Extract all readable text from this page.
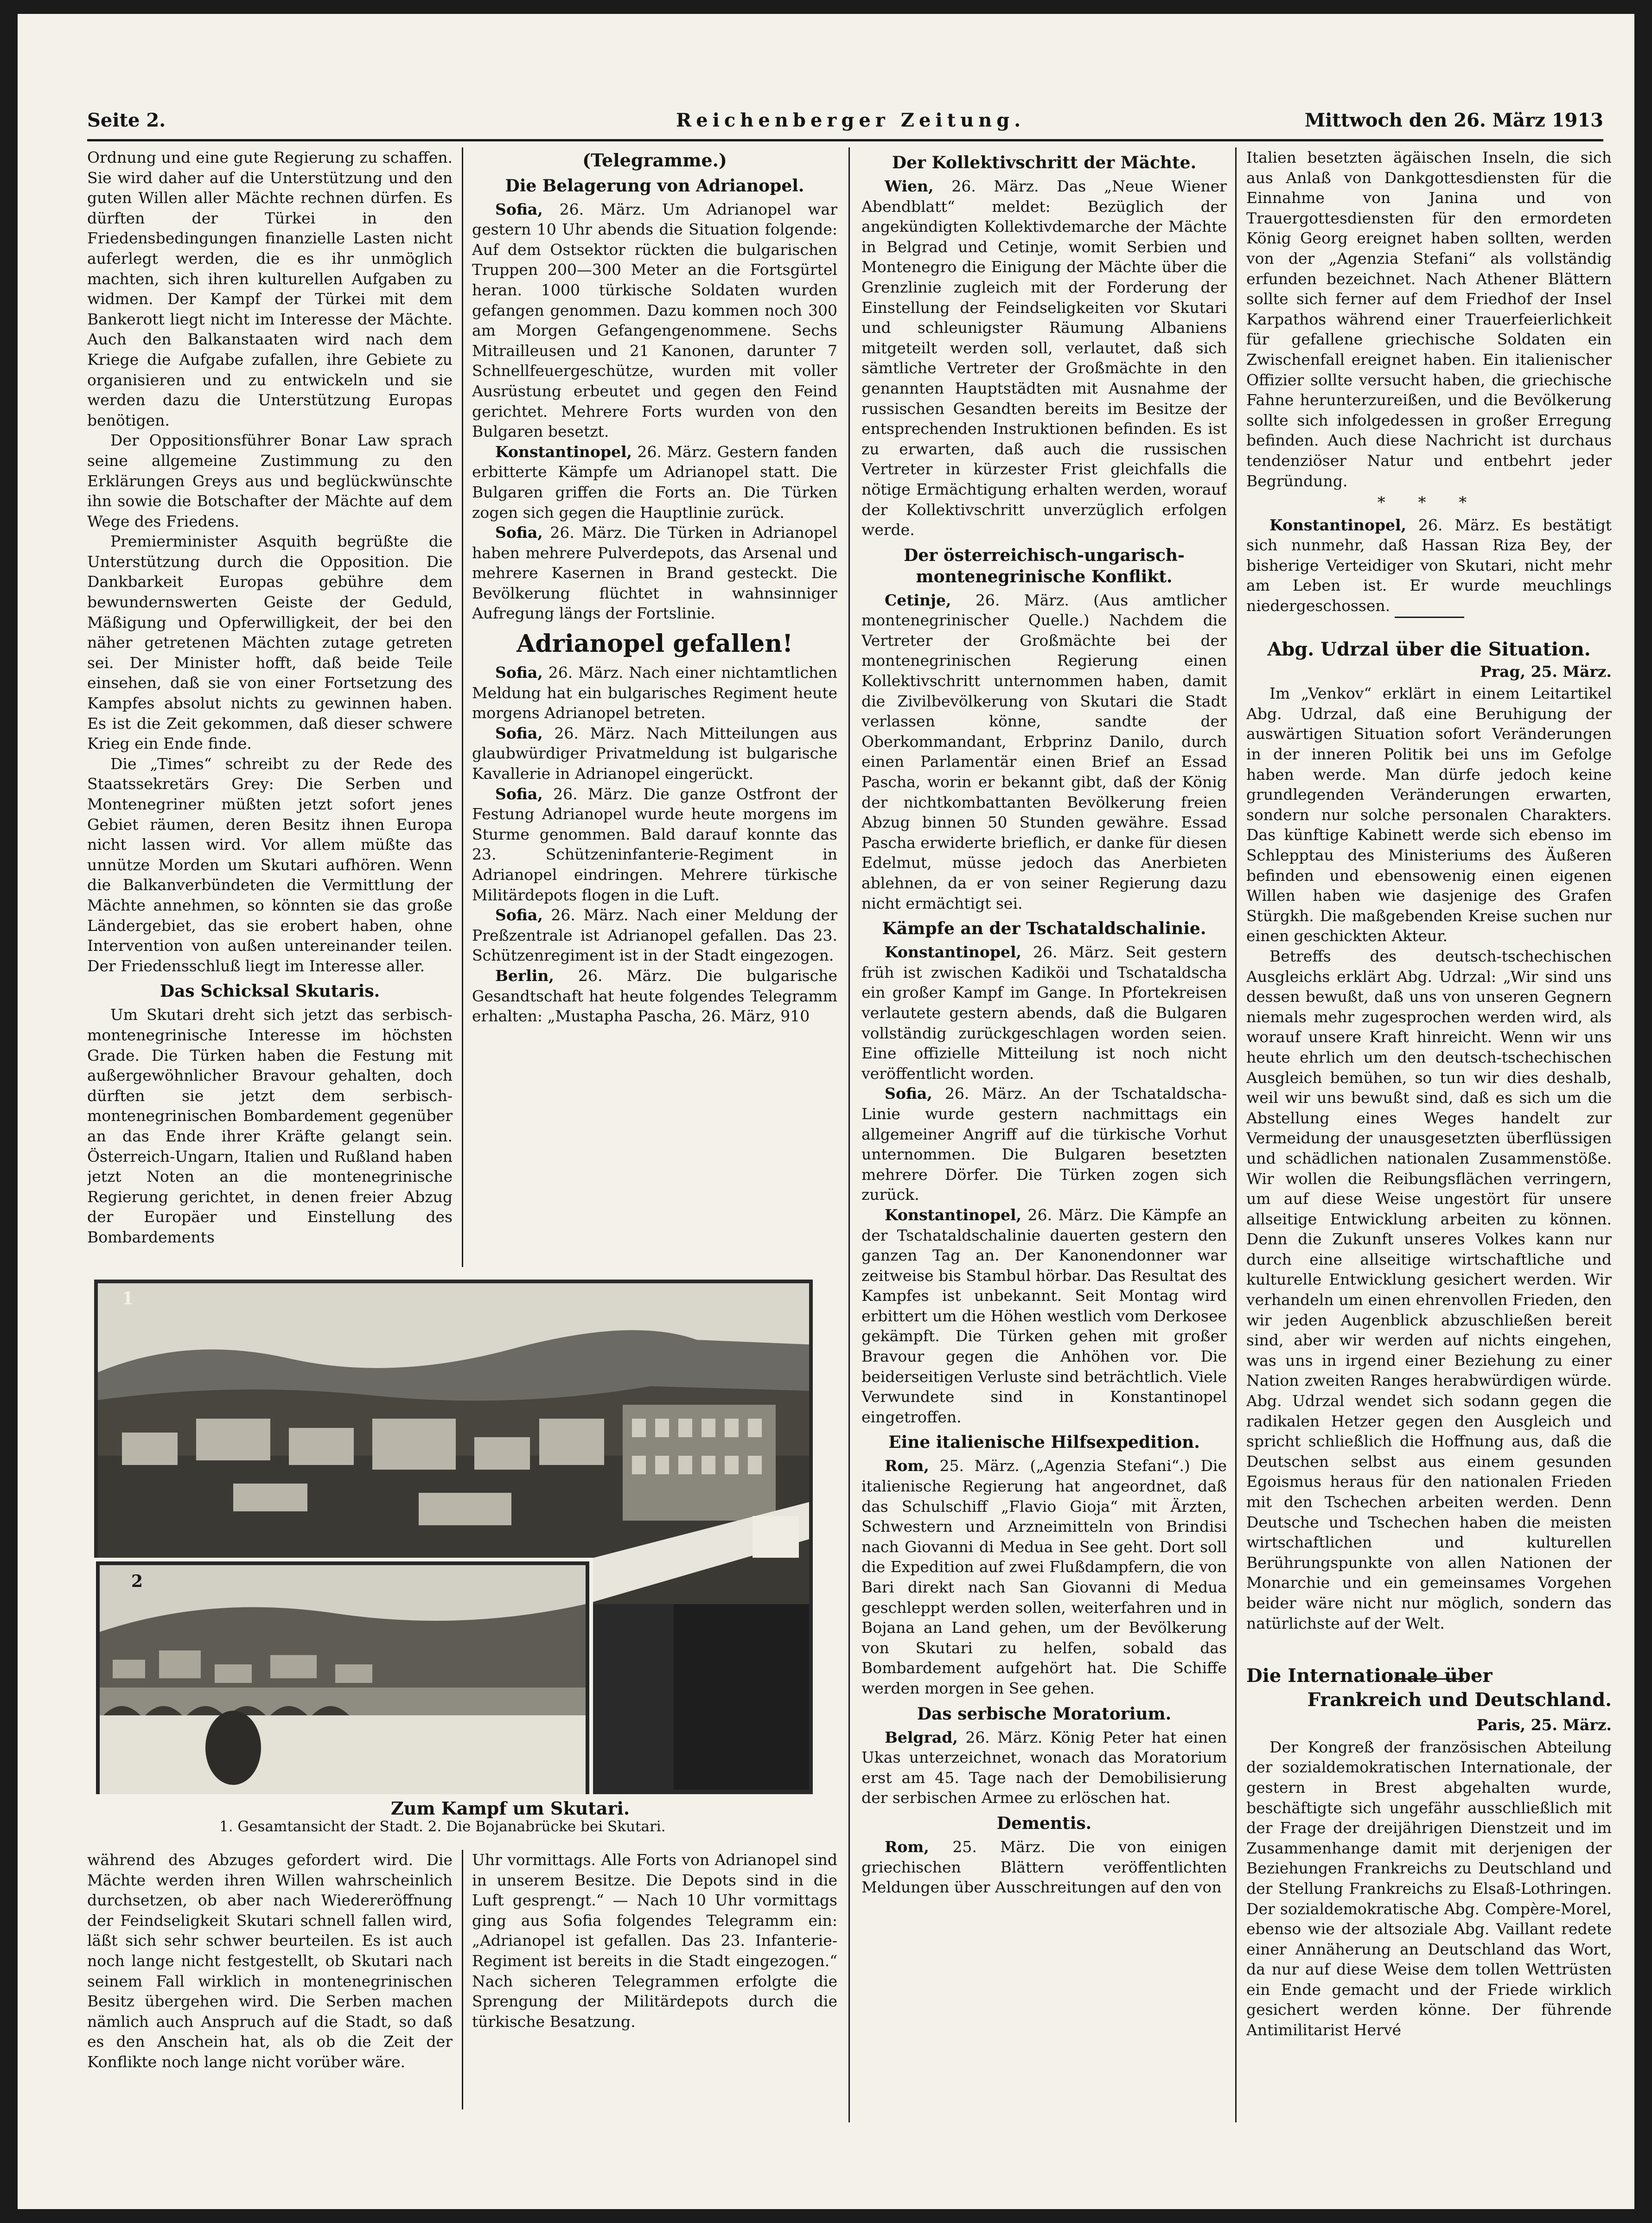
Seite 2.	Reichenberger Zeitung.	Mittwoch den 26. März 1913

Ordnung und eine gute Regierung zu schaffen. Sie wird daher auf die Unterstützung und den guten Willen aller Mächte rechnen dürfen. Es dürften der Türkei in den Friedensbedingungen finanzielle Lasten nicht auferlegt werden, die es ihr unmöglich machten, sich ihren kulturellen Aufgaben zu widmen. Der Kampf der Türkei mit dem Bankerott liegt nicht im Interesse der Mächte. Auch den Balkanstaaten wird nach dem Kriege die Aufgabe zufallen, ihre Gebiete zu organisieren und zu entwickeln und sie werden dazu die Unterstützung Europas benötigen.

Der Oppositionsführer Bonar Law sprach seine allgemeine Zustimmung zu den Erklärungen Greys aus und beglückwünschte ihn sowie die Botschafter der Mächte auf dem Wege des Friedens.

Premierminister Asquith begrüßte die Unterstützung durch die Opposition. Die Dankbarkeit Europas gebühre dem bewundernswerten Geiste der Geduld, Mäßigung und Opferwilligkeit, der bei den näher getretenen Mächten zutage getreten sei. Der Minister hofft, daß beide Teile einsehen, daß sie von einer Fortsetzung des Kampfes absolut nichts zu gewinnen haben. Es ist die Zeit gekommen, daß dieser schwere Krieg ein Ende finde.

Die „Times“ schreibt zu der Rede des Staatssekretärs Grey: Die Serben und Montenegriner müßten jetzt sofort jenes Gebiet räumen, deren Besitz ihnen Europa nicht lassen wird. Vor allem müßte das unnütze Morden um Skutari aufhören. Wenn die Balkanverbündeten die Vermittlung der Mächte annehmen, so könnten sie das große Ländergebiet, das sie erobert haben, ohne Intervention von außen untereinander teilen. Der Friedensschluß liegt im Interesse aller.

Das Schicksal Skutaris.

Um Skutari dreht sich jetzt das serbisch-montenegrinische Interesse im höchsten Grade. Die Türken haben die Festung mit außergewöhnlicher Bravour gehalten, doch dürften sie jetzt dem serbisch-montenegrinischen Bombardement gegenüber an das Ende ihrer Kräfte gelangt sein. Österreich-Ungarn, Italien und Rußland haben jetzt Noten an die montenegrinische Regierung gerichtet, in denen freier Abzug der Europäer und Einstellung des Bombardements

(Telegramme.)
Die Belagerung von Adrianopel.

Sofia, 26. März. Um Adrianopel war gestern 10 Uhr abends die Situation folgende: Auf dem Ostsektor rückten die bulgarischen Truppen 200—300 Meter an die Fortsgürtel heran. 1000 türkische Soldaten wurden gefangen genommen. Dazu kommen noch 300 am Morgen Gefangengenommene. Sechs Mitrailleusen und 21 Kanonen, darunter 7 Schnellfeuergeschütze, wurden mit voller Ausrüstung erbeutet und gegen den Feind gerichtet. Mehrere Forts wurden von den Bulgaren besetzt.

Konstantinopel, 26. März. Gestern fanden erbitterte Kämpfe um Adrianopel statt. Die Bulgaren griffen die Forts an. Die Türken zogen sich gegen die Hauptlinie zurück.

Sofia, 26. März. Die Türken in Adrianopel haben mehrere Pulverdepots, das Arsenal und mehrere Kasernen in Brand gesteckt. Die Bevölkerung flüchtet in wahnsinniger Aufregung längs der Fortslinie.

Adrianopel gefallen!

Sofia, 26. März. Nach einer nichtamtlichen Meldung hat ein bulgarisches Regiment heute morgens Adrianopel betreten.

Sofia, 26. März. Nach Mitteilungen aus glaubwürdiger Privatmeldung ist bulgarische Kavallerie in Adrianopel eingerückt.

Sofia, 26. März. Die ganze Ostfront der Festung Adrianopel wurde heute morgens im Sturme genommen. Bald darauf konnte das 23. Schützeninfanterie-Regiment in Adrianopel eindringen. Mehrere türkische Militärdepots flogen in die Luft.

Sofia, 26. März. Nach einer Meldung der Preßzentrale ist Adrianopel gefallen. Das 23. Schützenregiment ist in der Stadt eingezogen.

Berlin, 26. März. Die bulgarische Gesandtschaft hat heute folgendes Telegramm erhalten: „Mustapha Pascha, 26. März, 910

1
2
Zum Kampf um Skutari.
1. Gesamtansicht der Stadt. 2. Die Bojanabrücke bei Skutari.

während des Abzuges gefordert wird. Die Mächte werden ihren Willen wahrscheinlich durchsetzen, ob aber nach Wiedereröffnung der Feindseligkeit Skutari schnell fallen wird, läßt sich sehr schwer beurteilen. Es ist auch noch lange nicht festgestellt, ob Skutari nach seinem Fall wirklich in montenegrinischen Besitz übergehen wird. Die Serben machen nämlich auch Anspruch auf die Stadt, so daß es den Anschein hat, als ob die Zeit der Konflikte noch lange nicht vorüber wäre.

Uhr vormittags. Alle Forts von Adrianopel sind in unserem Besitze. Die Depots sind in die Luft gesprengt.“ — Nach 10 Uhr vormittags ging aus Sofia folgendes Telegramm ein: „Adrianopel ist gefallen. Das 23. Infanterie-Regiment ist bereits in die Stadt eingezogen.“ Nach sicheren Telegrammen erfolgte die Sprengung der Militärdepots durch die türkische Besatzung.

Der Kollektivschritt der Mächte.

Wien, 26. März. Das „Neue Wiener Abendblatt“ meldet: Bezüglich der angekündigten Kollektivdemarche der Mächte in Belgrad und Cetinje, womit Serbien und Montenegro die Einigung der Mächte über die Grenzlinie zugleich mit der Forderung der Einstellung der Feindseligkeiten vor Skutari und schleunigster Räumung Albaniens mitgeteilt werden soll, verlautet, daß sich sämtliche Vertreter der Großmächte in den genannten Hauptstädten mit Ausnahme der russischen Gesandten bereits im Besitze der entsprechenden Instruktionen befinden. Es ist zu erwarten, daß auch die russischen Vertreter in kürzester Frist gleichfalls die nötige Ermächtigung erhalten werden, worauf der Kollektivschritt unverzüglich erfolgen werde.

Der österreichisch-ungarisch-montenegrinische Konflikt.

Cetinje, 26. März. (Aus amtlicher montenegrinischer Quelle.) Nachdem die Vertreter der Großmächte bei der montenegrinischen Regierung einen Kollektivschritt unternommen haben, damit die Zivilbevölkerung von Skutari die Stadt verlassen könne, sandte der Oberkommandant, Erbprinz Danilo, durch einen Parlamentär einen Brief an Essad Pascha, worin er bekannt gibt, daß der König der nichtkombattanten Bevölkerung freien Abzug binnen 50 Stunden gewähre. Essad Pascha erwiderte brieflich, er danke für diesen Edelmut, müsse jedoch das Anerbieten ablehnen, da er von seiner Regierung dazu nicht ermächtigt sei.

Kämpfe an der Tschataldschalinie.

Konstantinopel, 26. März. Seit gestern früh ist zwischen Kadiköi und Tschataldscha ein großer Kampf im Gange. In Pfortekreisen verlautete gestern abends, daß die Bulgaren vollständig zurückgeschlagen worden seien. Eine offizielle Mitteilung ist noch nicht veröffentlicht worden.

Sofia, 26. März. An der Tschataldscha-Linie wurde gestern nachmittags ein allgemeiner Angriff auf die türkische Vorhut unternommen. Die Bulgaren besetzten mehrere Dörfer. Die Türken zogen sich zurück.

Konstantinopel, 26. März. Die Kämpfe an der Tschataldschalinie dauerten gestern den ganzen Tag an. Der Kanonendonner war zeitweise bis Stambul hörbar. Das Resultat des Kampfes ist unbekannt. Seit Montag wird erbittert um die Höhen westlich vom Derkosee gekämpft. Die Türken gehen mit großer Bravour gegen die Anhöhen vor. Die beiderseitigen Verluste sind beträchtlich. Viele Verwundete sind in Konstantinopel eingetroffen.

Eine italienische Hilfsexpedition.

Rom, 25. März. („Agenzia Stefani“.) Die italienische Regierung hat angeordnet, daß das Schulschiff „Flavio Gioja“ mit Ärzten, Schwestern und Arzneimitteln von Brindisi nach Giovanni di Medua in See geht. Dort soll die Expedition auf zwei Flußdampfern, die von Bari direkt nach San Giovanni di Medua geschleppt werden sollen, weiterfahren und in Bojana an Land gehen, um der Bevölkerung von Skutari zu helfen, sobald das Bombardement aufgehört hat. Die Schiffe werden morgen in See gehen.

Das serbische Moratorium.

Belgrad, 26. März. König Peter hat einen Ukas unterzeichnet, wonach das Moratorium erst am 45. Tage nach der Demobilisierung der serbischen Armee zu erlöschen hat.

Dementis.

Rom, 25. März. Die von einigen griechischen Blättern veröffentlichten Meldungen über Ausschreitungen auf den von

Italien besetzten ägäischen Inseln, die sich aus Anlaß von Dankgottesdiensten für die Einnahme von Janina und von Trauergottesdiensten für den ermordeten König Georg ereignet haben sollten, werden von der „Agenzia Stefani“ als vollständig erfunden bezeichnet. Nach Athener Blättern sollte sich ferner auf dem Friedhof der Insel Karpathos während einer Trauerfeierlichkeit für gefallene griechische Soldaten ein Zwischenfall ereignet haben. Ein italienischer Offizier sollte versucht haben, die griechische Fahne herunterzureißen, und die Bevölkerung sollte sich infolgedessen in großer Erregung befinden. Auch diese Nachricht ist durchaus tendenziöser Natur und entbehrt jeder Begründung.

* * *

Konstantinopel, 26. März. Es bestätigt sich nunmehr, daß Hassan Riza Bey, der bisherige Verteidiger von Skutari, nicht mehr am Leben ist. Er wurde meuchlings niedergeschossen.

Abg. Udrzal über die Situation.
Prag, 25. März.

Im „Venkov“ erklärt in einem Leitartikel Abg. Udrzal, daß eine Beruhigung der auswärtigen Situation sofort Veränderungen in der inneren Politik bei uns im Gefolge haben werde. Man dürfe jedoch keine grundlegenden Veränderungen erwarten, sondern nur solche personalen Charakters. Das künftige Kabinett werde sich ebenso im Schlepptau des Ministeriums des Äußeren befinden und ebensowenig einen eigenen Willen haben wie dasjenige des Grafen Stürgkh. Die maßgebenden Kreise suchen nur einen geschickten Akteur.

Betreffs des deutsch-tschechischen Ausgleichs erklärt Abg. Udrzal: „Wir sind uns dessen bewußt, daß uns von unseren Gegnern niemals mehr zugesprochen werden wird, als worauf unsere Kraft hinreicht. Wenn wir uns heute ehrlich um den deutsch-tschechischen Ausgleich bemühen, so tun wir dies deshalb, weil wir uns bewußt sind, daß es sich um die Abstellung eines Weges handelt zur Vermeidung der unausgesetzten überflüssigen und schädlichen nationalen Zusammenstöße. Wir wollen die Reibungsflächen verringern, um auf diese Weise ungestört für unsere allseitige Entwicklung arbeiten zu können. Denn die Zukunft unseres Volkes kann nur durch eine allseitige wirtschaftliche und kulturelle Entwicklung gesichert werden. Wir verhandeln um einen ehrenvollen Frieden, den wir jeden Augenblick abzuschließen bereit sind, aber wir werden auf nichts eingehen, was uns in irgend einer Beziehung zu einer Nation zweiten Ranges herabwürdigen würde. Abg. Udrzal wendet sich sodann gegen die radikalen Hetzer gegen den Ausgleich und spricht schließlich die Hoffnung aus, daß die Deutschen selbst aus einem gesunden Egoismus heraus für den nationalen Frieden mit den Tschechen arbeiten werden. Denn Deutsche und Tschechen haben die meisten wirtschaftlichen und kulturellen Berührungspunkte von allen Nationen der Monarchie und ein gemeinsames Vorgehen beider wäre nicht nur möglich, sondern das natürlichste auf der Welt.

Die Internationale über
Frankreich und Deutschland.
Paris, 25. März.

Der Kongreß der französischen Abteilung der sozialdemokratischen Internationale, der gestern in Brest abgehalten wurde, beschäftigte sich ungefähr ausschließlich mit der Frage der dreijährigen Dienstzeit und im Zusammenhange damit mit derjenigen der Beziehungen Frankreichs zu Deutschland und der Stellung Frankreichs zu Elsaß-Lothringen. Der sozialdemokratische Abg. Compère-Morel, ebenso wie der altsoziale Abg. Vaillant redete einer Annäherung an Deutschland das Wort, da nur auf diese Weise dem tollen Wettrüsten ein Ende gemacht und der Friede wirklich gesichert werden könne. Der führende Antimilitarist Hervé
